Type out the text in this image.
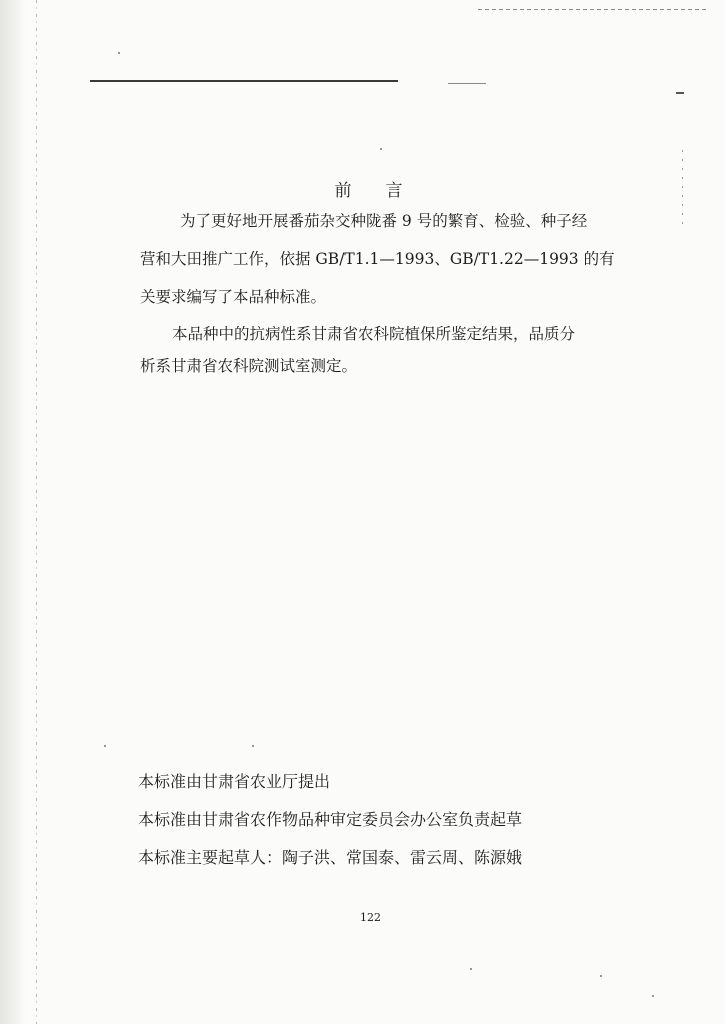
前言
为了更好地开展番茄杂交种陇番 9 号的繁育、检验、种子经
营和大田推广工作，依据 GB/T1.1—1993、GB/T1.22—1993 的有
关要求编写了本品种标准。
本品种中的抗病性系甘肃省农科院植保所鉴定结果，品质分
析系甘肃省农科院测试室测定。
本标准由甘肃省农业厅提出
本标准由甘肃省农作物品种审定委员会办公室负责起草
本标准主要起草人：陶子洪、常国泰、雷云周、陈源娥
122
